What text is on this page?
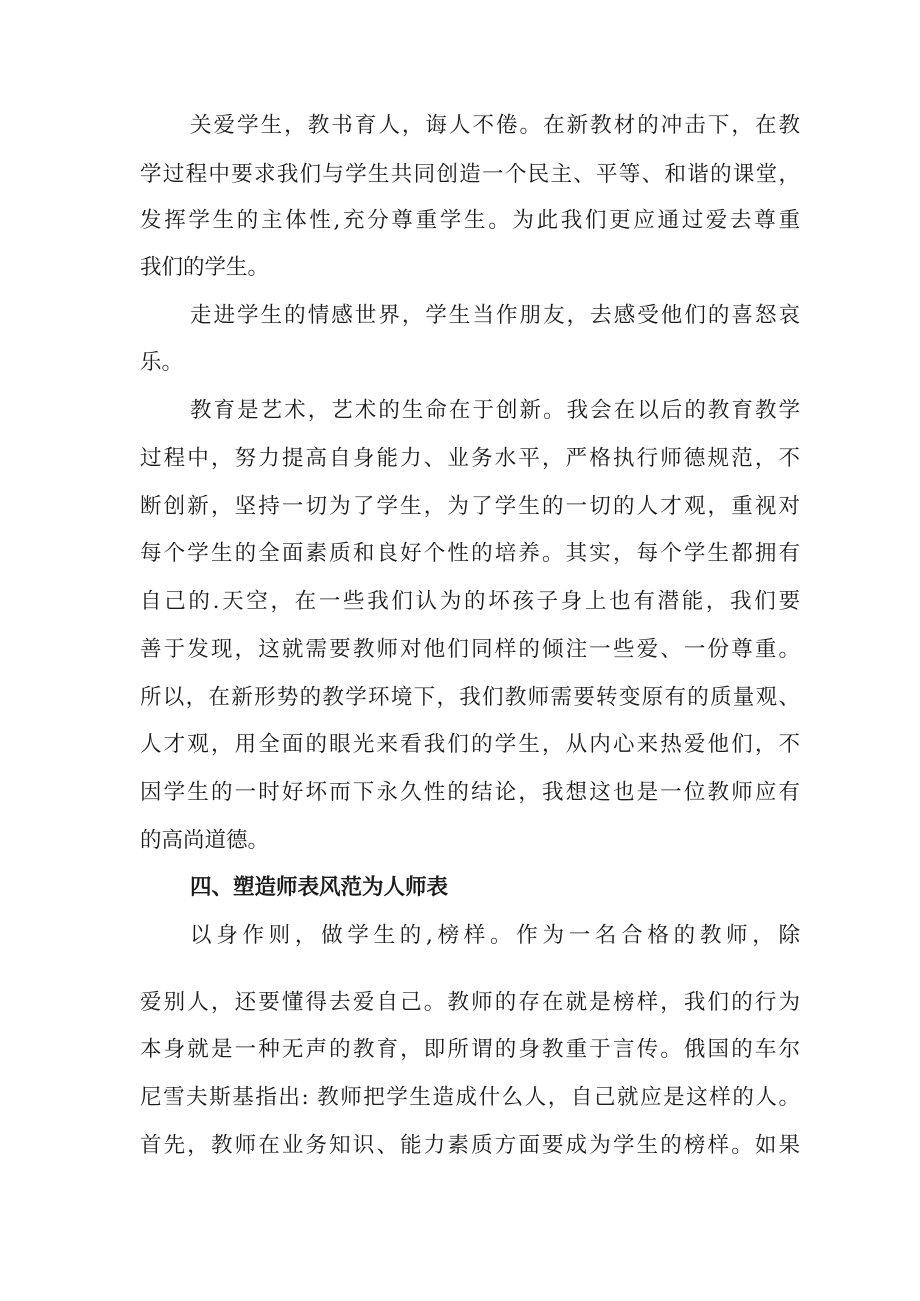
关爱学生，教书育人，诲人不倦。在新教材的冲击下，在教
学过程中要求我们与学生共同创造一个民主、平等、和谐的课堂，
发挥学生的主体性,充分尊重学生。为此我们更应通过爱去尊重
我们的学生。
走进学生的情感世界，学生当作朋友，去感受他们的喜怒哀
乐。
教育是艺术，艺术的生命在于创新。我会在以后的教育教学
过程中，努力提高自身能力、业务水平，严格执行师德规范，不
断创新，坚持一切为了学生，为了学生的一切的人才观，重视对
每个学生的全面素质和良好个性的培养。其实，每个学生都拥有
自己的.天空，在一些我们认为的坏孩子身上也有潜能，我们要
善于发现，这就需要教师对他们同样的倾注一些爱、一份尊重。
所以，在新形势的教学环境下，我们教师需要转变原有的质量观、
人才观，用全面的眼光来看我们的学生，从内心来热爱他们，不
因学生的一时好坏而下永久性的结论，我想这也是一位教师应有
的高尚道德。
四、塑造师表风范为人师表
以身作则，做学生的,榜样。作为一名合格的教师，除
爱别人，还要懂得去爱自己。教师的存在就是榜样，我们的行为
本身就是一种无声的教育，即所谓的身教重于言传。俄国的车尔
尼雪夫斯基指出: 教师把学生造成什么人，自己就应是这样的人。
首先，教师在业务知识、能力素质方面要成为学生的榜样。如果
